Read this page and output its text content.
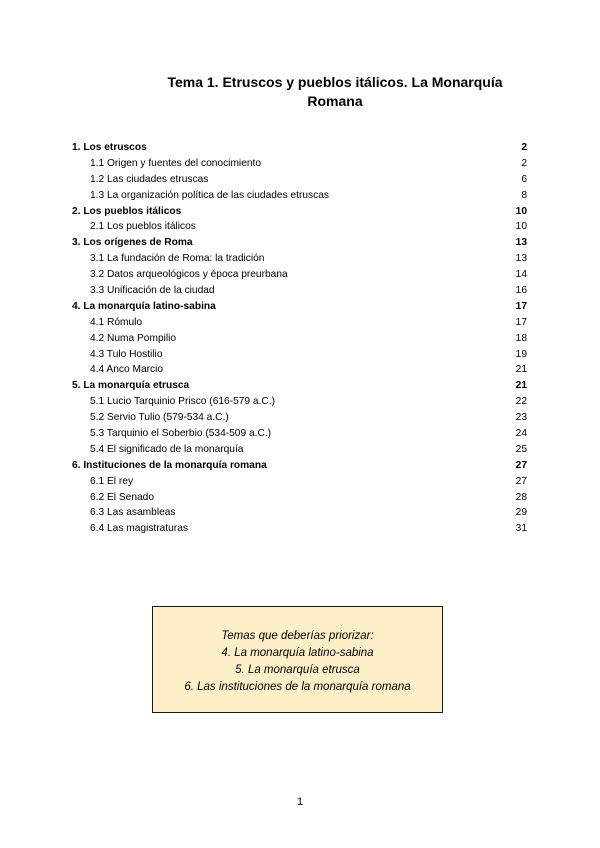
Tema 1. Etruscos y pueblos itálicos. La Monarquía
Romana
1. Los etruscos	2
1.1 Origen y fuentes del conocimiento	2
1.2 Las ciudades etruscas	6
1.3 La organización política de las ciudades etruscas	8
2. Los pueblos itálicos	10
2.1 Los pueblos itálicos	10
3. Los orígenes de Roma	13
3.1 La fundación de Roma: la tradición	13
3.2 Datos arqueológicos y época preurbana	14
3.3 Unificación de la ciudad	16
4. La monarquía latino-sabina	17
4.1 Rómulo	17
4.2 Numa Pompilio	18
4.3 Tulo Hostilio	19
4.4 Anco Marcio	21
5. La monarquía etrusca	21
5.1 Lucio Tarquinio Prisco (616-579 a.C.)	22
5.2 Servio Tulio (579-534 a.C.)	23
5.3 Tarquinio el Soberbio (534-509 a.C.)	24
5.4 El significado de la monarquía	25
6. Instituciones de la monarquía romana	27
6.1 El rey	27
6.2 El Senado	28
6.3 Las asambleas	29
6.4 Las magistraturas	31
Temas que deberías priorizar:
4. La monarquía latino-sabina
5. La monarquía etrusca
6. Las instituciones de la monarquía romana
1
